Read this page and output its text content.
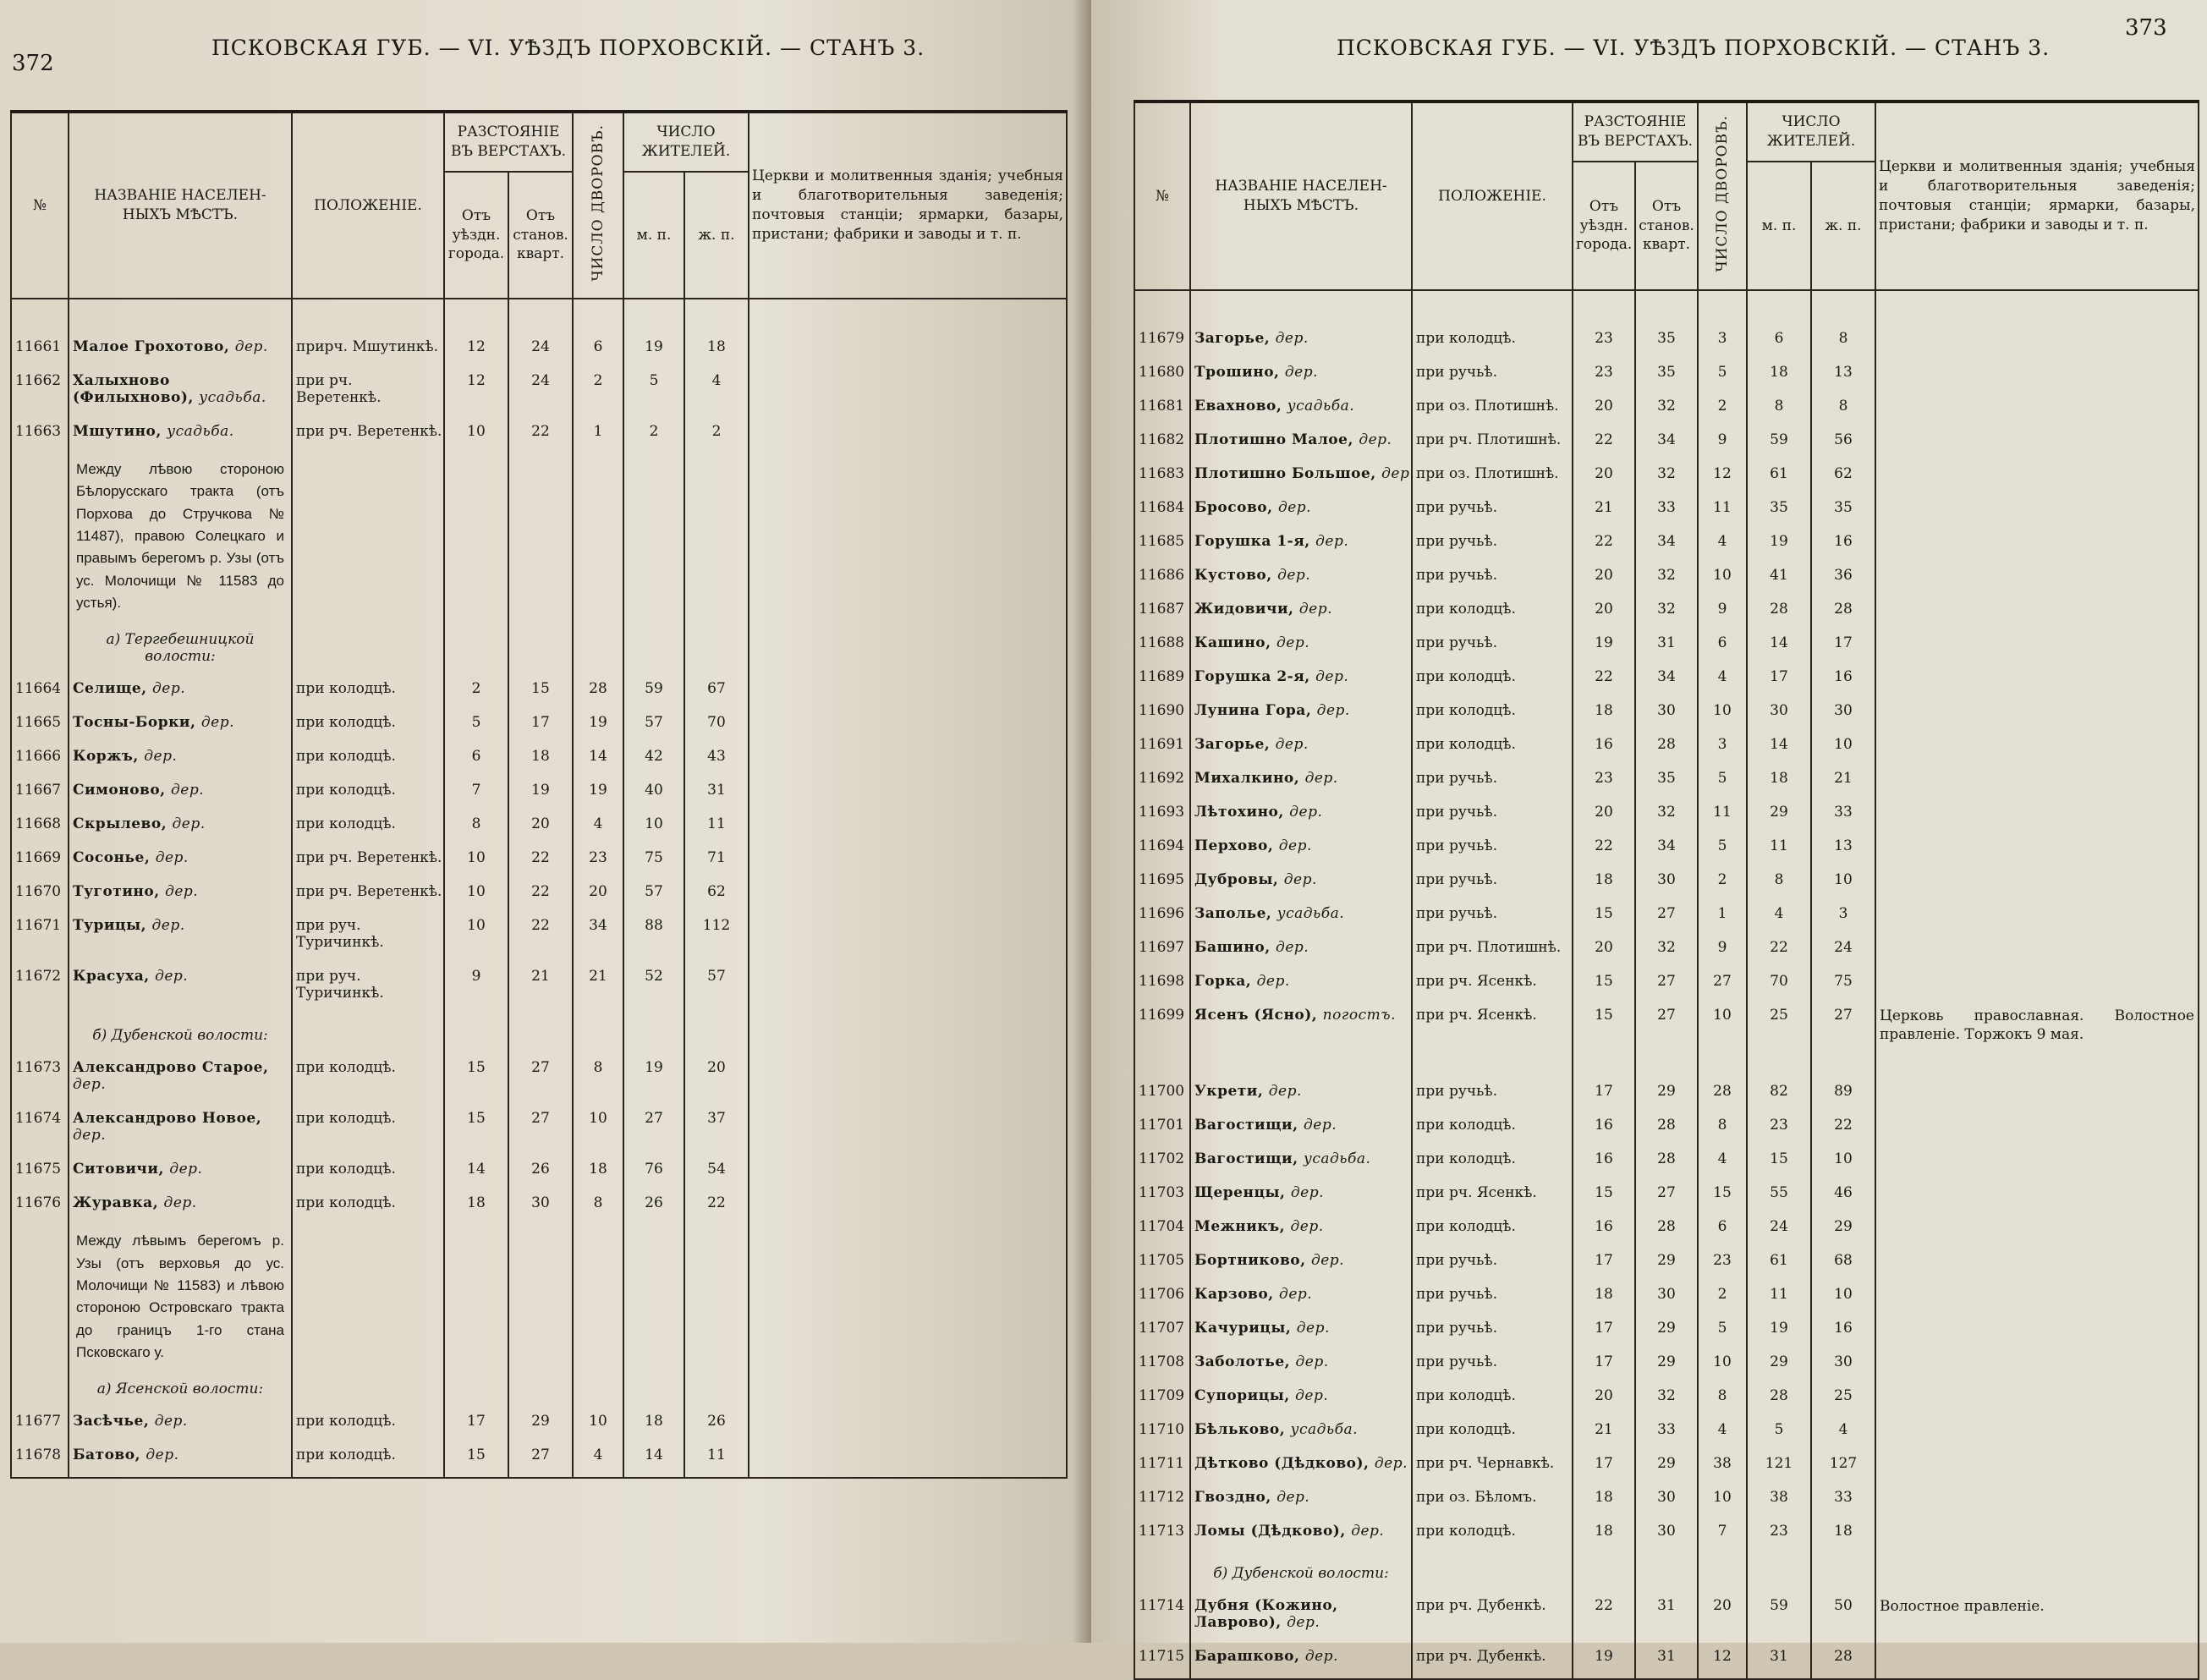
372
ПСКОВСКАЯ ГУБ. — VI. УѢЗДЪ ПОРХОВСКІЙ. — СТАНЪ 3.
№	НАЗВАНІЕ НАСЕЛЕН- НЫХЪ МѢСТЪ.	ПОЛОЖЕНІЕ.	РАЗСТОЯНІЕ ВЪ ВЕРСТАХЪ.		ЧИСЛО ДВОРОВЪ.	ЧИСЛО ЖИТЕЛЕЙ.		Церкви и молитвенныя зданія; учебныя и благотворительныя заведенія; почтовыя станціи; ярмарки, базары, пристани; фабрики и заводы и т. п.
			Отъ уѣздн. города.	Отъ станов. кварт.		м. п.	ж. п.	

11661	Малое Грохотово, дер.	прирч. Мшутинкѣ.	12	24	6	19	18	
11662	Халыхново (Филыхново), усадьба.	при рч. Веретенкѣ.	12	24	2	5	4	
11663	Мшутино, усадьба.	при рч. Веретенкѣ.	10	22	1	2	2	
	Между лѣвою стороною Бѣлорусскаго тракта (отъ Порхова до Стручкова № 11487), правою Солецкаго и правымъ берегомъ р. Узы (отъ ус. Молочищи № 11583 до устья).							
	а) Тергебешницкой волости:							
11664	Селище, дер.	при колодцѣ.	2	15	28	59	67	
11665	Тосны-Борки, дер.	при колодцѣ.	5	17	19	57	70	
11666	Коржъ, дер.	при колодцѣ.	6	18	14	42	43	
11667	Симоново, дер.	при колодцѣ.	7	19	19	40	31	
11668	Скрылево, дер.	при колодцѣ.	8	20	4	10	11	
11669	Сосонье, дер.	при рч. Веретенкѣ.	10	22	23	75	71	
11670	Туготино, дер.	при рч. Веретенкѣ.	10	22	20	57	62	
11671	Турицы, дер.	при руч. Туричинкѣ.	10	22	34	88	112	
11672	Красуха, дер.	при руч. Туричинкѣ.	9	21	21	52	57	
	б) Дубенской волости:							
11673	Александрово Старое, дер.	при колодцѣ.	15	27	8	19	20	
11674	Александрово Новое, дер.	при колодцѣ.	15	27	10	27	37	
11675	Ситовичи, дер.	при колодцѣ.	14	26	18	76	54	
11676	Журавка, дер.	при колодцѣ.	18	30	8	26	22	
	Между лѣвымъ берегомъ р. Узы (отъ верховья до ус. Молочищи № 11583) и лѣвою стороною Островскаго тракта до границъ 1-го стана Псковскаго у.							
	а) Ясенской волости:							
11677	Засѣчье, дер.	при колодцѣ.	17	29	10	18	26	
11678	Батово, дер.	при колодцѣ.	15	27	4	14	11	
373
ПСКОВСКАЯ ГУБ. — VI. УѢЗДЪ ПОРХОВСКІЙ. — СТАНЪ 3.
№	НАЗВАНІЕ НАСЕЛЕН- НЫХЪ МѢСТЪ.	ПОЛОЖЕНІЕ.	РАЗСТОЯНІЕ ВЪ ВЕРСТАХЪ.		ЧИСЛО ДВОРОВЪ.	ЧИСЛО ЖИТЕЛЕЙ.		Церкви и молитвенныя зданія; учебныя и благотворительныя заведенія; почтовыя станціи; ярмарки, базары, пристани; фабрики и заводы и т. п.
			Отъ уѣздн. города.	Отъ станов. кварт.		м. п.	ж. п.	

11679	Загорье, дер.	при колодцѣ.	23	35	3	6	8	
11680	Трошино, дер.	при ручьѣ.	23	35	5	18	13	
11681	Евахново, усадьба.	при оз. Плотишнѣ.	20	32	2	8	8	
11682	Плотишно Малое, дер.	при рч. Плотишнѣ.	22	34	9	59	56	
11683	Плотишно Большое, дер.	при оз. Плотишнѣ.	20	32	12	61	62	
11684	Бросово, дер.	при ручьѣ.	21	33	11	35	35	
11685	Горушка 1-я, дер.	при ручьѣ.	22	34	4	19	16	
11686	Кустово, дер.	при ручьѣ.	20	32	10	41	36	
11687	Жидовичи, дер.	при колодцѣ.	20	32	9	28	28	
11688	Кашино, дер.	при ручьѣ.	19	31	6	14	17	
11689	Горушка 2-я, дер.	при колодцѣ.	22	34	4	17	16	
11690	Лунина Гора, дер.	при колодцѣ.	18	30	10	30	30	
11691	Загорье, дер.	при колодцѣ.	16	28	3	14	10	
11692	Михалкино, дер.	при ручьѣ.	23	35	5	18	21	
11693	Лѣтохино, дер.	при ручьѣ.	20	32	11	29	33	
11694	Перхово, дер.	при ручьѣ.	22	34	5	11	13	
11695	Дубровы, дер.	при ручьѣ.	18	30	2	8	10	
11696	Заполье, усадьба.	при ручьѣ.	15	27	1	4	3	
11697	Башино, дер.	при рч. Плотишнѣ.	20	32	9	22	24	
11698	Горка, дер.	при рч. Ясенкѣ.	15	27	27	70	75	
11699	Ясенъ (Ясно), погостъ.	при рч. Ясенкѣ.	15	27	10	25	27	Церковь православная. Волостное правленіе. Торжокъ 9 мая.

11700	Укрети, дер.	при ручьѣ.	17	29	28	82	89	
11701	Вагостищи, дер.	при колодцѣ.	16	28	8	23	22	
11702	Вагостищи, усадьба.	при колодцѣ.	16	28	4	15	10	
11703	Щеренцы, дер.	при рч. Ясенкѣ.	15	27	15	55	46	
11704	Межникъ, дер.	при колодцѣ.	16	28	6	24	29	
11705	Бортниково, дер.	при ручьѣ.	17	29	23	61	68	
11706	Карзово, дер.	при ручьѣ.	18	30	2	11	10	
11707	Качурицы, дер.	при ручьѣ.	17	29	5	19	16	
11708	Заболотье, дер.	при ручьѣ.	17	29	10	29	30	
11709	Супорицы, дер.	при колодцѣ.	20	32	8	28	25	
11710	Бѣльково, усадьба.	при колодцѣ.	21	33	4	5	4	
11711	Дѣтково (Дѣдково), дер.	при рч. Чернавкѣ.	17	29	38	121	127	
11712	Гвоздно, дер.	при оз. Бѣломъ.	18	30	10	38	33	
11713	Ломы (Дѣдково), дер.	при колодцѣ.	18	30	7	23	18	
	б) Дубенской волости:							
11714	Дубня (Кожино, Лаврово), дер.	при рч. Дубенкѣ.	22	31	20	59	50	Волостное правленіе.
11715	Барашково, дер.	при рч. Дубенкѣ.	19	31	12	31	28	
